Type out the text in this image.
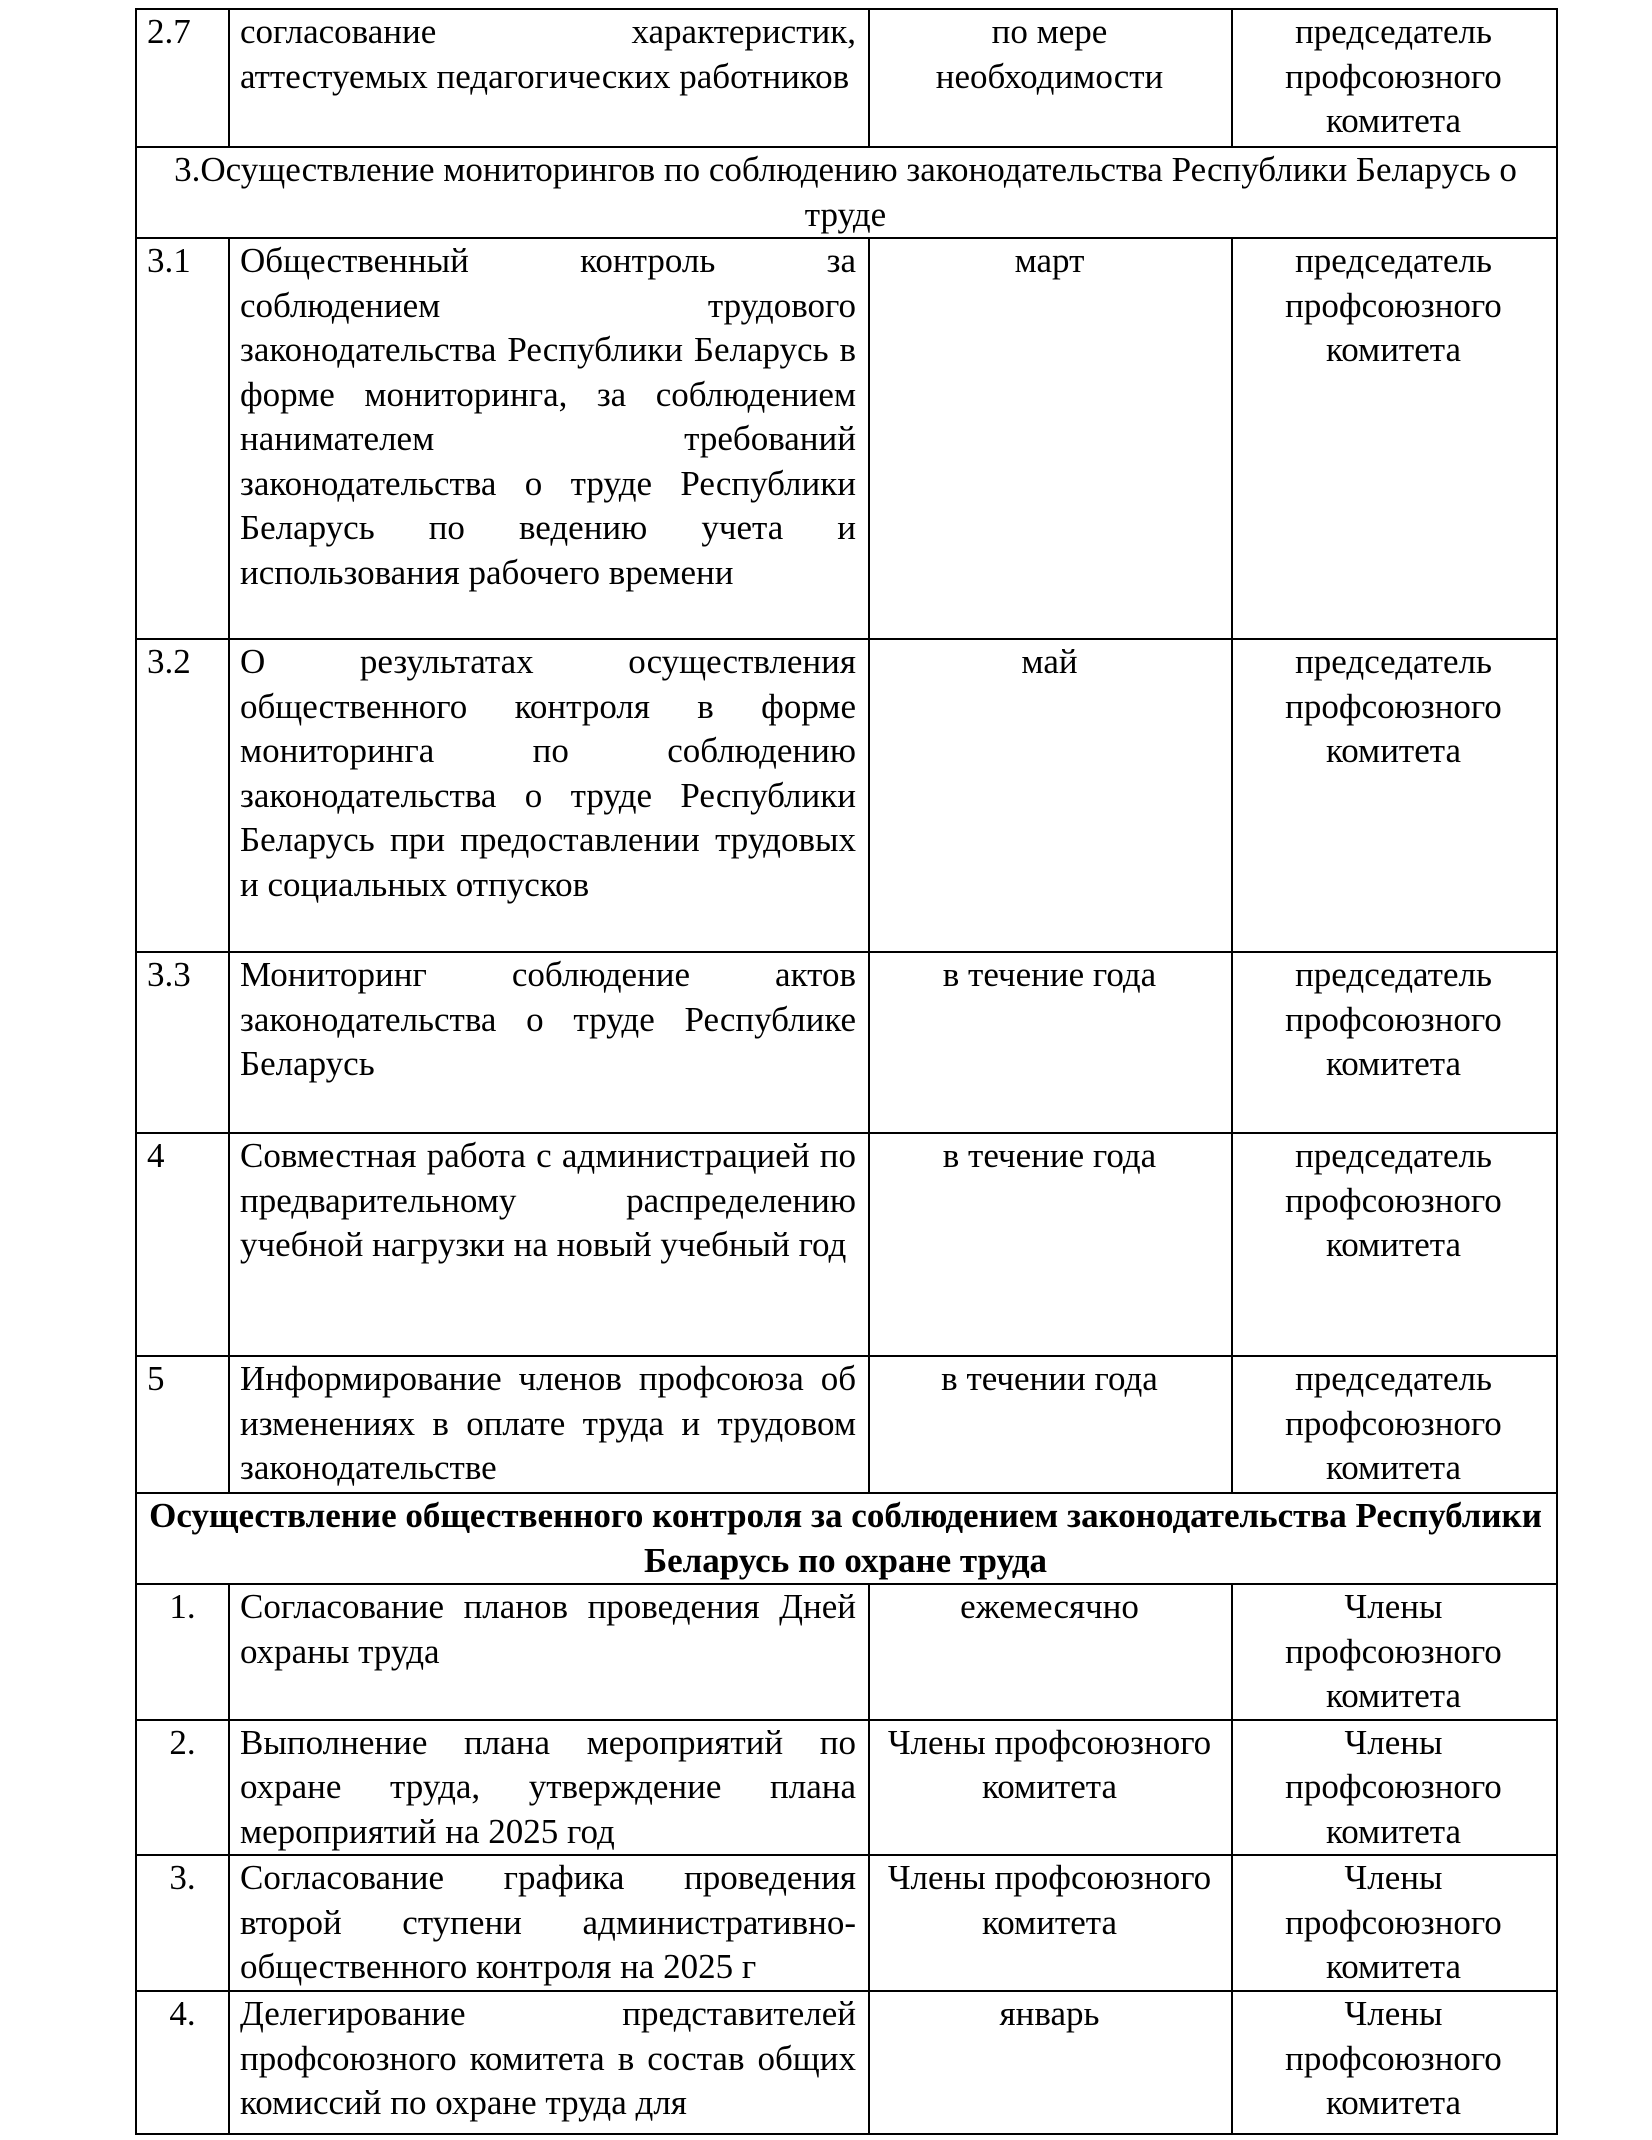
2.7	согласование характеристик, аттестуемых педагогических работников	по мере необходимости	председатель профсоюзного комитета
3.Осуществление мониторингов по соблюдению законодательства Республики Беларусь о труде			
3.1	Общественный контроль за соблюдением трудового законодательства Республики Беларусь в форме мониторинга, за соблюдением нанимателем требований законодательства о труде Республики Беларусь по ведению учета и использования рабочего времени	март	председатель профсоюзного комитета
3.2	О результатах осуществления общественного контроля в форме мониторинга по соблюдению законодательства о труде Республики Беларусь при предоставлении трудовых и социальных отпусков	май	председатель профсоюзного комитета
3.3	Мониторинг соблюдение актов законодательства о труде Республике Беларусь	в течение года	председатель профсоюзного комитета
4	Совместная работа с администрацией по предварительному распределению учебной нагрузки на новый учебный год	в течение года	председатель профсоюзного комитета
5	Информирование членов профсоюза об изменениях в оплате труда и трудовом законодательстве	в течении года	председатель профсоюзного комитета
Осуществление общественного контроля за соблюдением законодательства Республики Беларусь по охране труда			
1.	Согласование планов проведения Дней охраны труда	ежемесячно	Члены профсоюзного комитета
2.	Выполнение плана мероприятий по охране труда, утверждение плана мероприятий на 2025 год	Члены профсоюзного комитета	Члены профсоюзного комитета
3.	Согласование графика проведения второй ступени административно-общественного контроля на 2025 г	Члены профсоюзного комитета	Члены профсоюзного комитета
4.	Делегирование представителей профсоюзного комитета в состав общих комиссий по охране труда для	январь	Члены профсоюзного комитета
